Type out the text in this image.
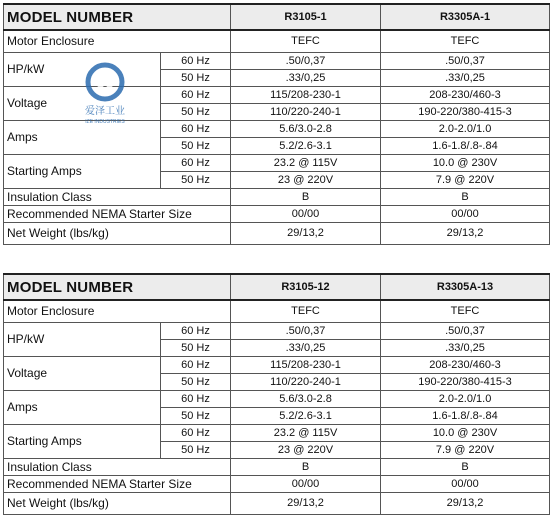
MODEL NUMBER		R3105-1	R3305A-1
Motor Enclosure		TEFC	TEFC
HP/kW	60 Hz	.50/0,37	.50/0,37
	50 Hz	.33/0,25	.33/0,25
Voltage	60 Hz	115/208-230-1	208-230/460-3
	50 Hz	110/220-240-1	190-220/380-415-3
Amps	60 Hz	5.6/3.0-2.8	2.0-2.0/1.0
	50 Hz	5.2/2.6-3.1	1.6-1.8/.8-.84
Starting Amps	60 Hz	23.2 @ 115V	10.0 @ 230V
	50 Hz	23 @ 220V	7.9 @ 220V
Insulation Class		B	B
Recommended NEMA Starter Size		00/00	00/00
Net Weight (lbs/kg)		29/13,2	29/13,2
MODEL NUMBER		R3105-12	R3305A-13
Motor Enclosure		TEFC	TEFC
HP/kW	60 Hz	.50/0,37	.50/0,37
	50 Hz	.33/0,25	.33/0,25
Voltage	60 Hz	115/208-230-1	208-230/460-3
	50 Hz	110/220-240-1	190-220/380-415-3
Amps	60 Hz	5.6/3.0-2.8	2.0-2.0/1.0
	50 Hz	5.2/2.6-3.1	1.6-1.8/.8-.84
Starting Amps	60 Hz	23.2 @ 115V	10.0 @ 230V
	50 Hz	23 @ 220V	7.9 @ 220V
Insulation Class		B	B
Recommended NEMA Starter Size		00/00	00/00
Net Weight (lbs/kg)		29/13,2	29/13,2
爱泽工业
IZE INDUSTRIES
